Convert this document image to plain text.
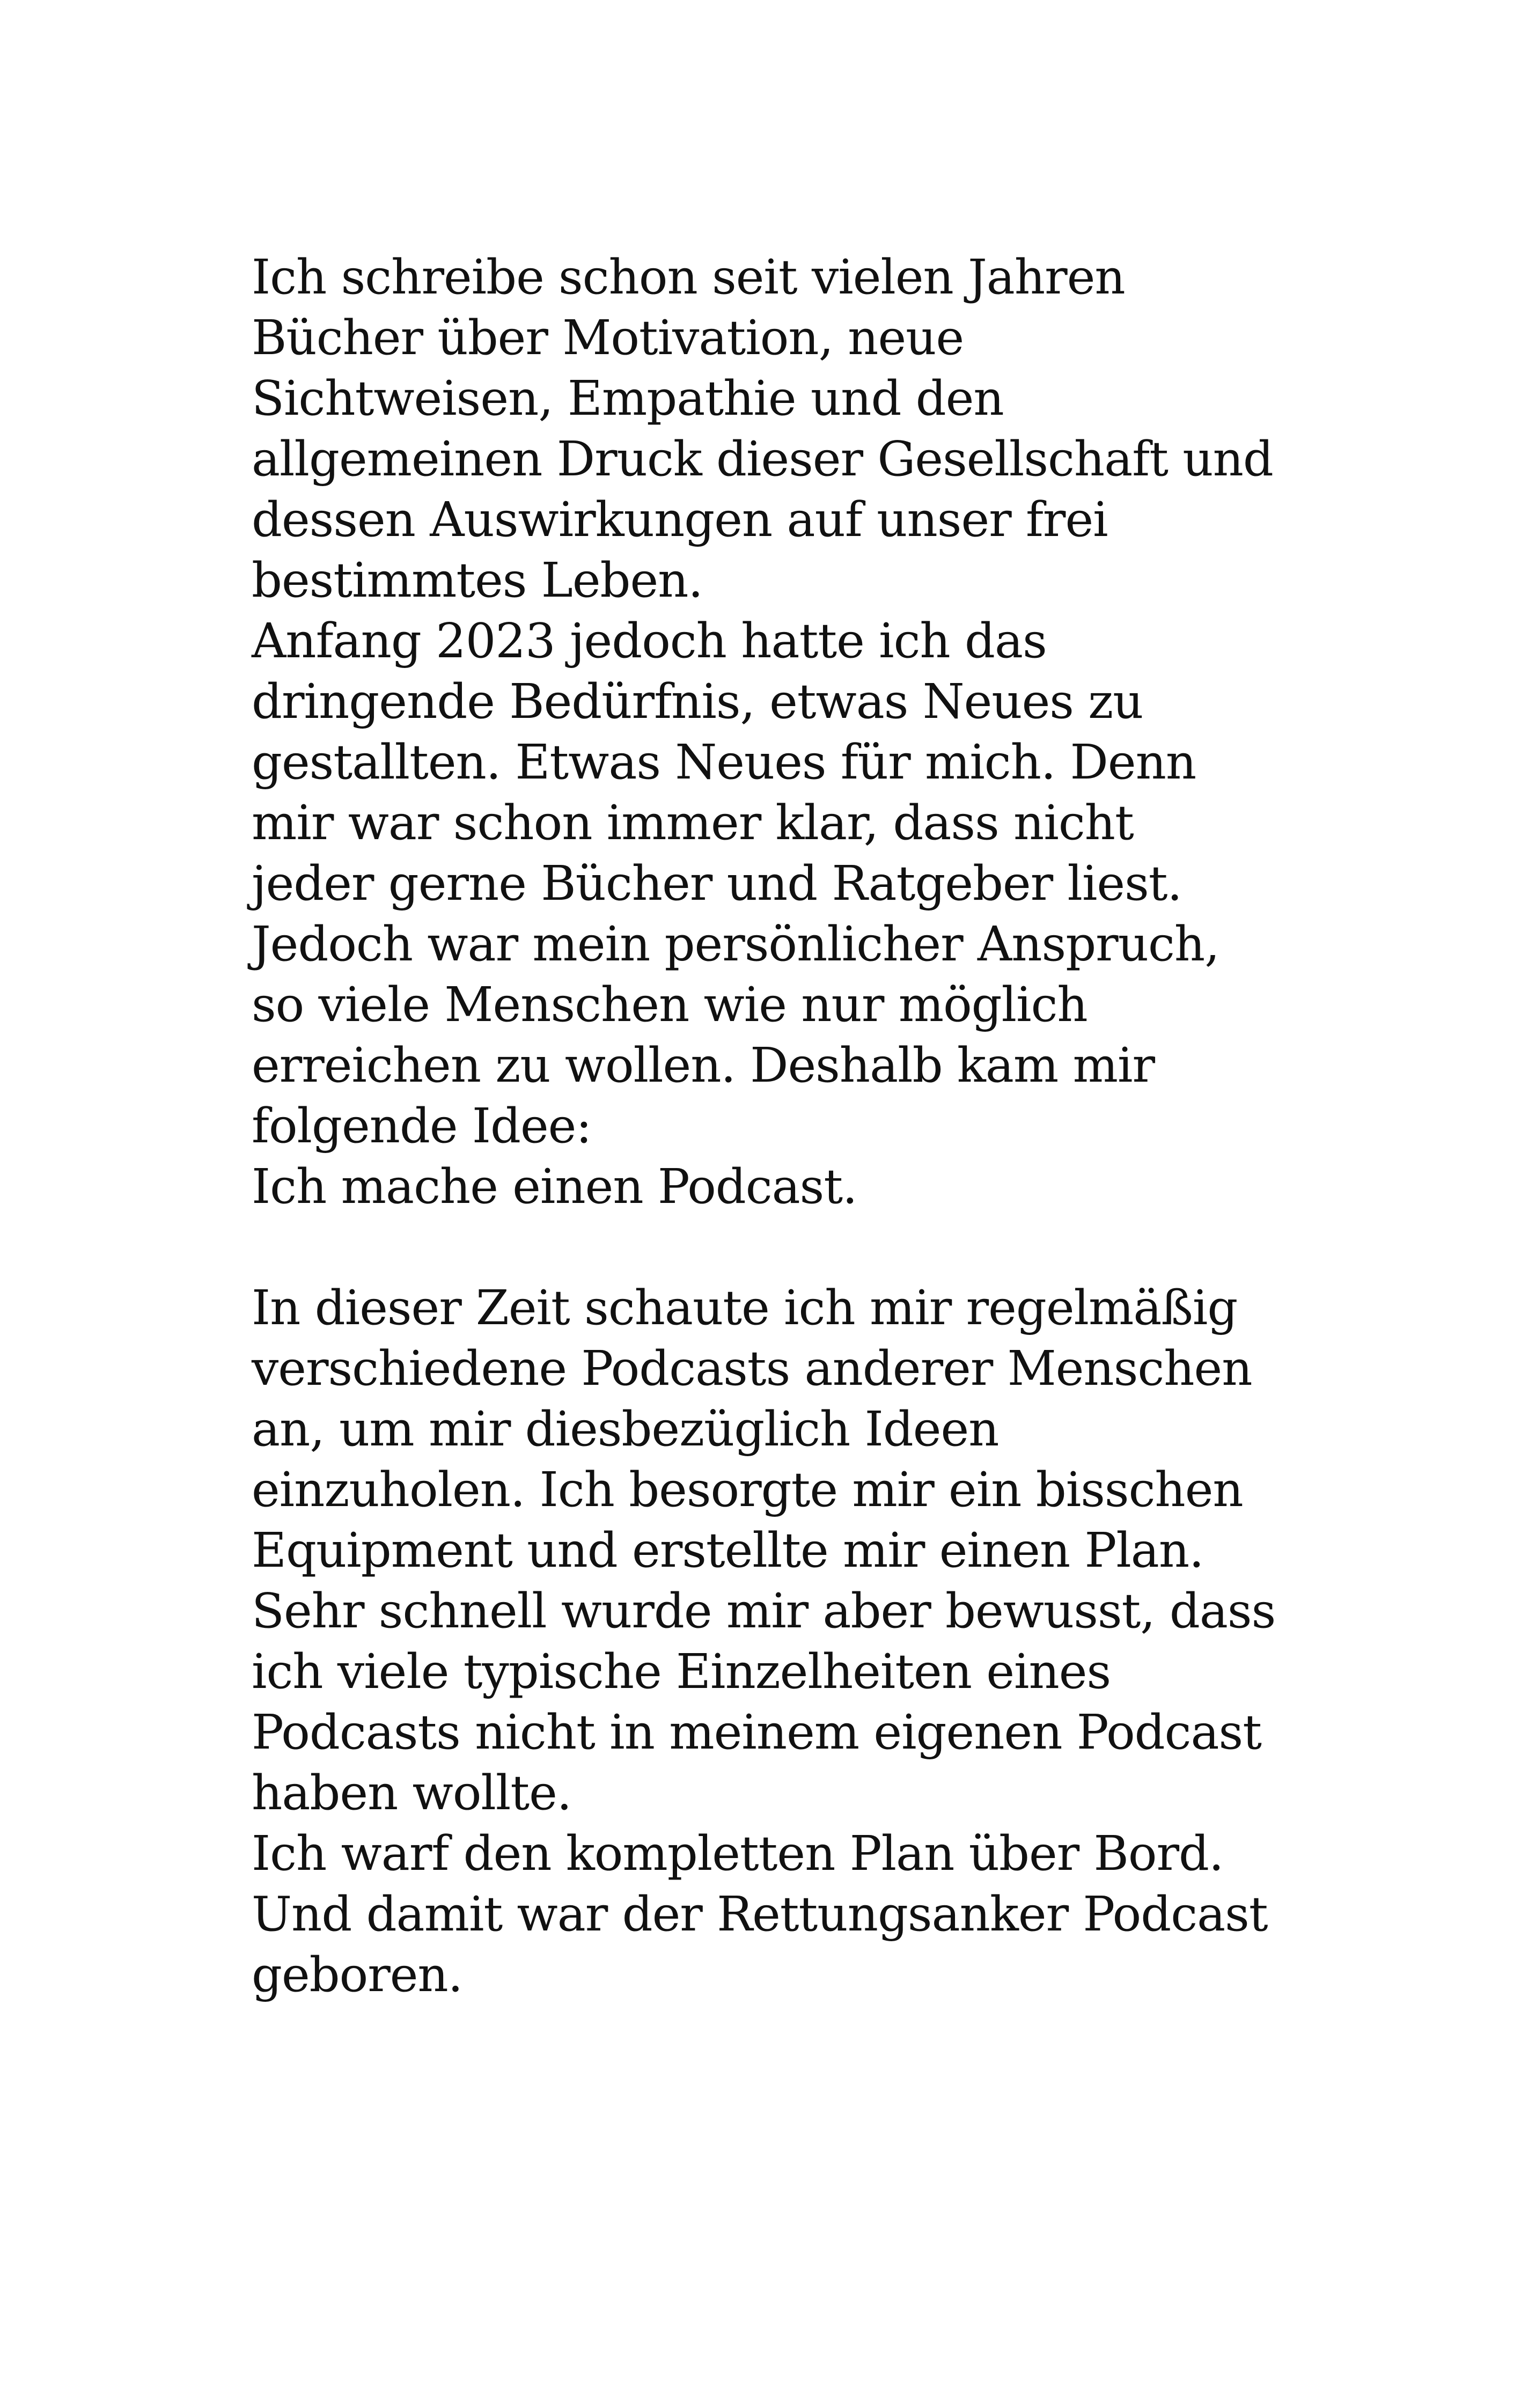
Ich schreibe schon seit vielen Jahren
Bücher über Motivation, neue
Sichtweisen, Empathie und den
allgemeinen Druck dieser Gesellschaft und
dessen Auswirkungen auf unser frei
bestimmtes Leben.
Anfang 2023 jedoch hatte ich das
dringende Bedürfnis, etwas Neues zu
gestallten. Etwas Neues für mich. Denn
mir war schon immer klar, dass nicht
jeder gerne Bücher und Ratgeber liest.
Jedoch war mein persönlicher Anspruch,
so viele Menschen wie nur möglich
erreichen zu wollen. Deshalb kam mir
folgende Idee:
Ich mache einen Podcast.
In dieser Zeit schaute ich mir regelmäßig
verschiedene Podcasts anderer Menschen
an, um mir diesbezüglich Ideen
einzuholen. Ich besorgte mir ein bisschen
Equipment und erstellte mir einen Plan.
Sehr schnell wurde mir aber bewusst, dass
ich viele typische Einzelheiten eines
Podcasts nicht in meinem eigenen Podcast
haben wollte.
Ich warf den kompletten Plan über Bord.
Und damit war der Rettungsanker Podcast
geboren.
